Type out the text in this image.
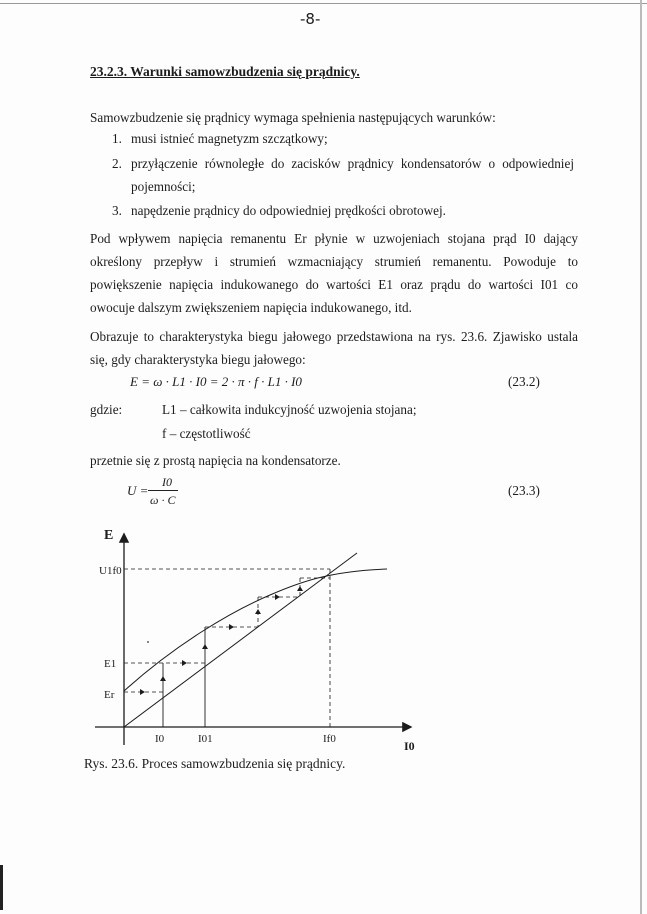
-8-
23.2.3. Warunki samowzbudzenia się prądnicy.
Samowzbudzenie się prądnicy wymaga spełnienia następujących warunków:
1. musi istnieć magnetyzm szczątkowy;
2. przyłączenie równoległe do zacisków prądnicy kondensatorów o odpowiedniej
pojemności;
3. napędzenie prądnicy do odpowiedniej prędkości obrotowej.
Pod wpływem napięcia remanentu Er płynie w uzwojeniach stojana prąd I0 dający określony przepływ i strumień wzmacniający strumień remanentu. Powoduje to powiększenie napięcia indukowanego do wartości E1 oraz prądu do wartości I01 co owocuje dalszym zwiększeniem napięcia indukowanego, itd.
Obrazuje to charakterystyka biegu jałowego przedstawiona na rys. 23.6. Zjawisko ustala się, gdy charakterystyka biegu jałowego:
E = ω · L1 · I0 = 2 · π · f · L1 · I0	(23.2)
gdzie:	L1 – całkowita indukcyjność uzwojenia stojana;
f – częstotliwość
przetnie się z prostą napięcia na kondensatorze.
U =
I0
ω · C
(23.3)
E
I0
U1f0
E1
Er
I0	I01	If0
Rys. 23.6. Proces samowzbudzenia się prądnicy.
